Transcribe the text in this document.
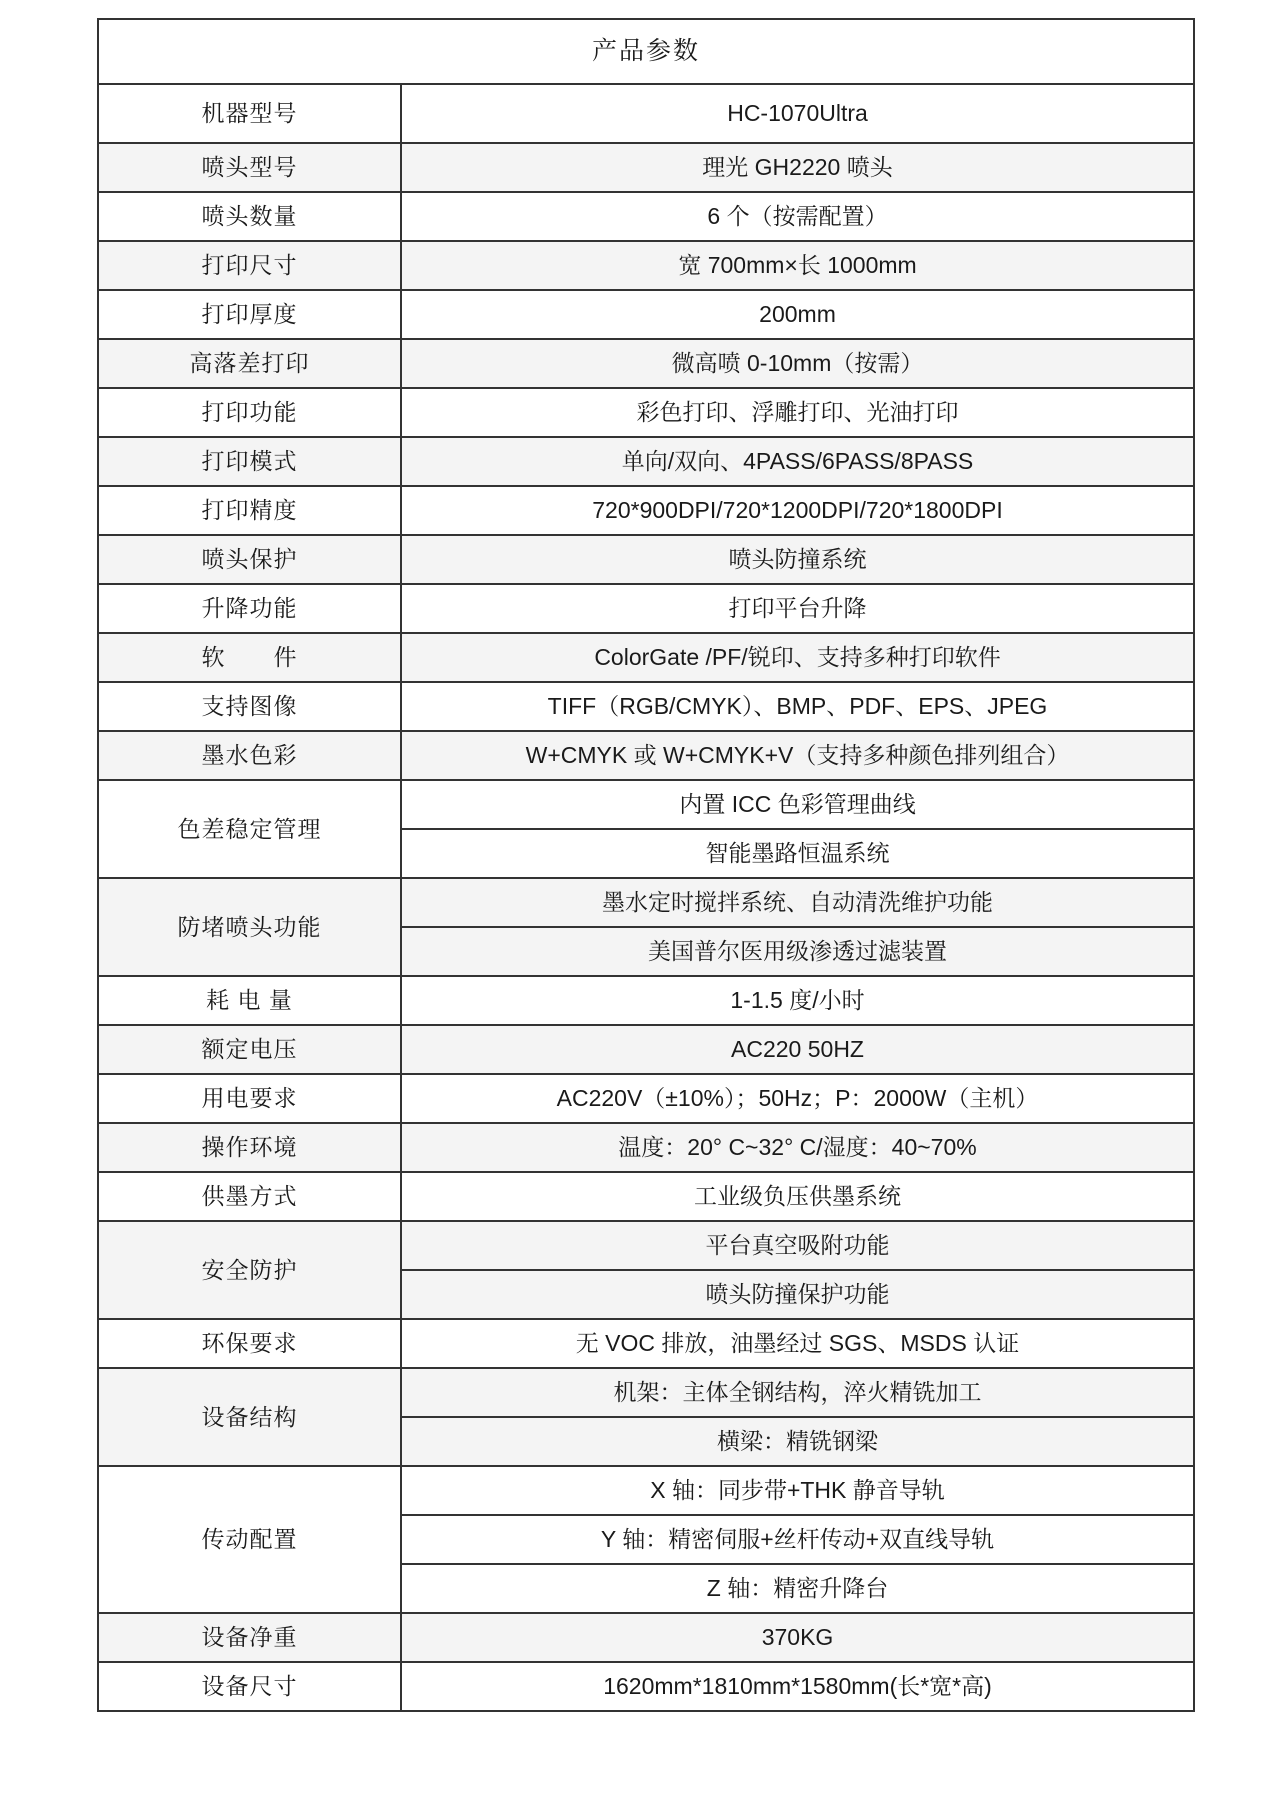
产品参数	
机器型号	HC-1070Ultra
喷头型号	理光 GH2220 喷头
喷头数量	6 个（按需配置）
打印尺寸	宽 700mm×长 1000mm
打印厚度	200mm
高落差打印	微高喷 0-10mm（按需）
打印功能	彩色打印、浮雕打印、光油打印
打印模式	单向/双向、4PASS/6PASS/8PASS
打印精度	720*900DPI/720*1200DPI/720*1800DPI
喷头保护	喷头防撞系统
升降功能	打印平台升降
软　　件	ColorGate /PF/锐印、支持多种打印软件
支持图像	TIFF（RGB/CMYK）、BMP、PDF、EPS、JPEG
墨水色彩	W+CMYK 或 W+CMYK+V（支持多种颜色排列组合）
色差稳定管理	内置 ICC 色彩管理曲线
	智能墨路恒温系统
防堵喷头功能	墨水定时搅拌系统、自动清洗维护功能
	美国普尔医用级渗透过滤装置
耗 电 量	1-1.5 度/小时
额定电压	AC220 50HZ
用电要求	AC220V（±10%）；50Hz；P：2000W（主机）
操作环境	温度：20° C~32° C/湿度：40~70%
供墨方式	工业级负压供墨系统
安全防护	平台真空吸附功能
	喷头防撞保护功能
环保要求	无 VOC 排放，油墨经过 SGS、MSDS 认证
设备结构	机架：主体全钢结构，淬火精铣加工
	横梁：精铣钢梁
传动配置	X 轴：同步带+THK 静音导轨
	Y 轴：精密伺服+丝杆传动+双直线导轨
	Z 轴：精密升降台
设备净重	370KG
设备尺寸	1620mm*1810mm*1580mm(长*宽*高)
